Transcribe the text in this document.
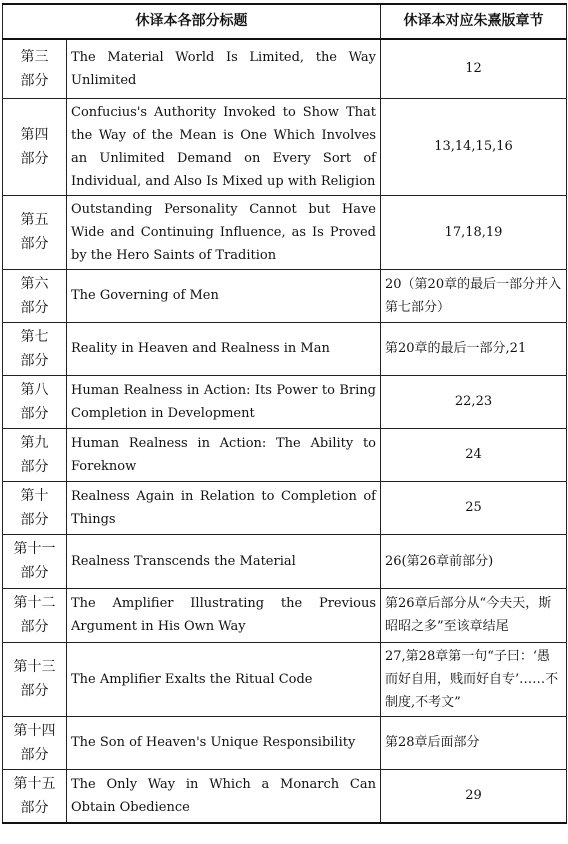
休译本各部分标题		休译本对应朱熹版章节

第三
部分	The Material World Is Limited, the Way Unlimited	12

第四
部分	Confucius's Authority Invoked to Show That the Way of the Mean is One Which Involves an Unlimited Demand on Every Sort of Individual, and Also Is Mixed up with Religion	13,14,15,16

第五
部分	Outstanding Personality Cannot but Have Wide and Continuing Influence, as Is Proved by the Hero Saints of Tradition	17,18,19

第六
部分	The Governing of Men	20（第20章的最后一部分并入第七部分）

第七
部分	Reality in Heaven and Realness in Man	第20章的最后一部分,21

第八
部分	Human Realness in Action: Its Power to Bring Completion in Development	22,23

第九
部分	Human Realness in Action: The Ability to Foreknow	24

第十
部分	Realness Again in Relation to Completion of Things	25

第十一
部分	Realness Transcends the Material	26(第26章前部分)

第十二
部分	The Amplifier Illustrating the Previous Argument in His Own Way	第26章后部分从“今夫天，斯昭昭之多”至该章结尾

第十三
部分	The Amplifier Exalts the Ritual Code	27,第28章第一句“子曰：‘愚而好自用，贱而好自专’……不制度,不考文”

第十四
部分	The Son of Heaven's Unique Responsibility	第28章后面部分

第十五
部分	The Only Way in Which a Monarch Can Obtain Obedience	29
